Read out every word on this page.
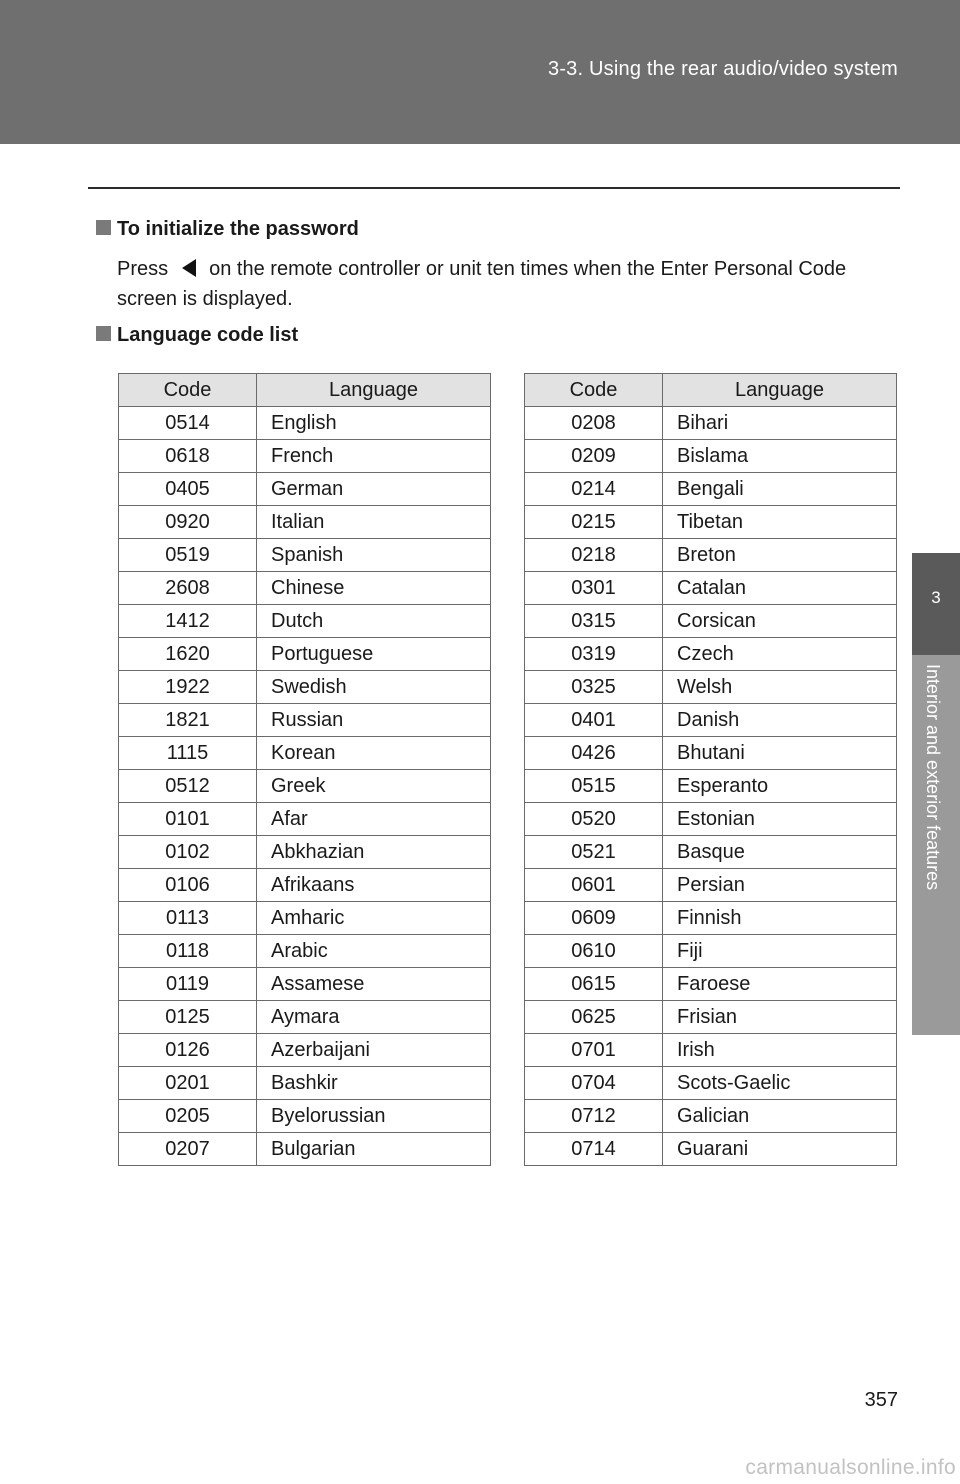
3-3. Using the rear audio/video system
3
Interior and exterior features
To initialize the password
Press on the remote controller or unit ten times when the Enter Personal Code screen is displayed.
Language code list
Code	Language
0514	English
0618	French
0405	German
0920	Italian
0519	Spanish
2608	Chinese
1412	Dutch
1620	Portuguese
1922	Swedish
1821	Russian
1115	Korean
0512	Greek
0101	Afar
0102	Abkhazian
0106	Afrikaans
0113	Amharic
0118	Arabic
0119	Assamese
0125	Aymara
0126	Azerbaijani
0201	Bashkir
0205	Byelorussian
0207	Bulgarian
Code	Language
0208	Bihari
0209	Bislama
0214	Bengali
0215	Tibetan
0218	Breton
0301	Catalan
0315	Corsican
0319	Czech
0325	Welsh
0401	Danish
0426	Bhutani
0515	Esperanto
0520	Estonian
0521	Basque
0601	Persian
0609	Finnish
0610	Fiji
0615	Faroese
0625	Frisian
0701	Irish
0704	Scots-Gaelic
0712	Galician
0714	Guarani
357
carmanualsonline.info
